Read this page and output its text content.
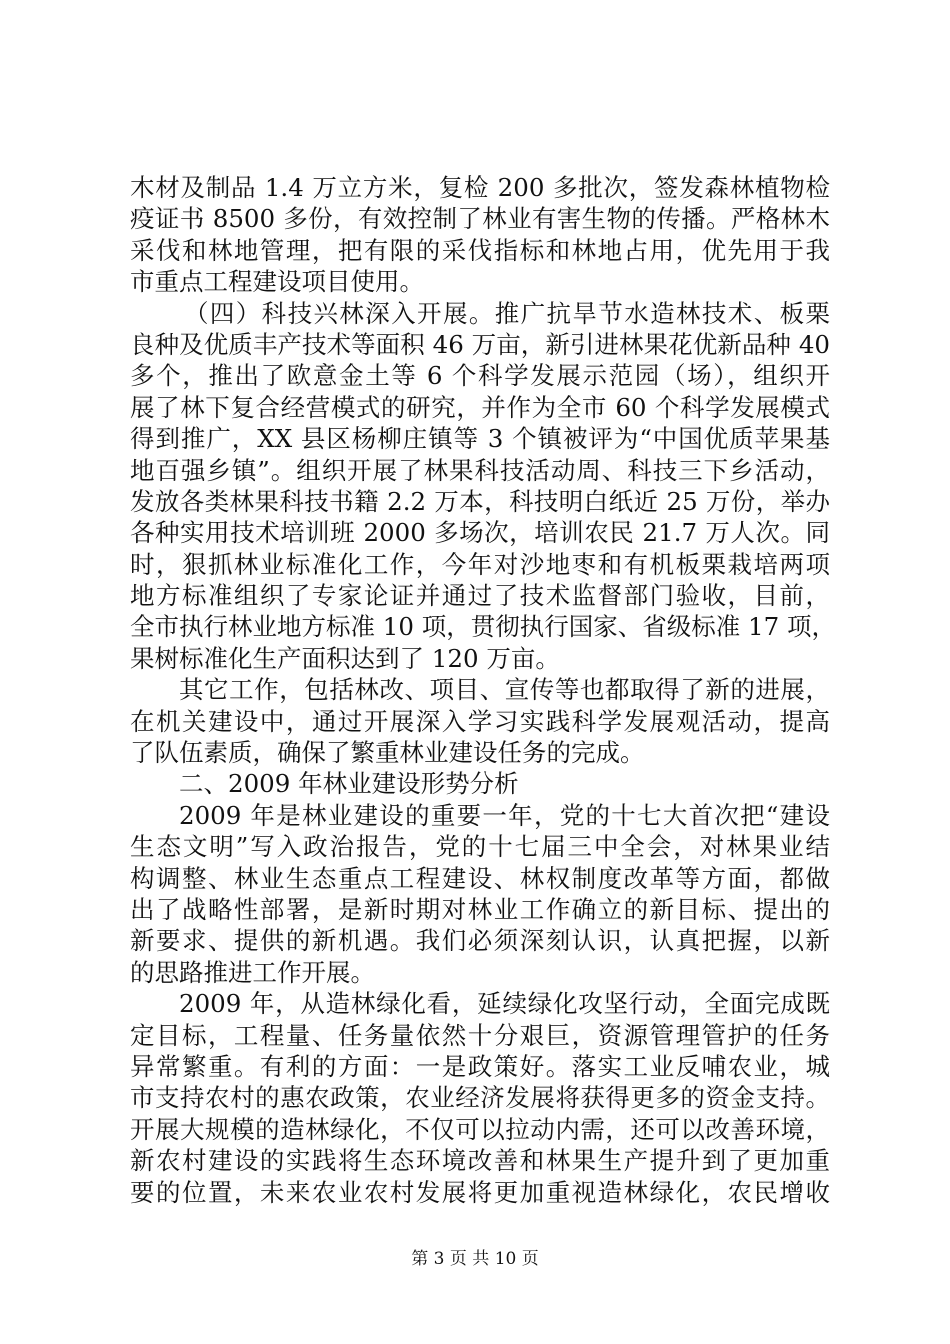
木材及制品 1.4 万立方米，复检 200 多批次，签发森林植物检
疫证书 8500 多份，有效控制了林业有害生物的传播。严格林木
采伐和林地管理，把有限的采伐指标和林地占用，优先用于我
市重点工程建设项目使用。
（四）科技兴林深入开展。推广抗旱节水造林技术、板栗
良种及优质丰产技术等面积 46 万亩，新引进林果花优新品种 40
多个，推出了欧意金土等 6 个科学发展示范园（场），组织开
展了林下复合经营模式的研究，并作为全市 60 个科学发展模式
得到推广，XX 县区杨柳庄镇等 3 个镇被评为“中国优质苹果基
地百强乡镇”。组织开展了林果科技活动周、科技三下乡活动，
发放各类林果科技书籍 2.2 万本，科技明白纸近 25 万份，举办
各种实用技术培训班 2000 多场次，培训农民 21.7 万人次。同
时，狠抓林业标准化工作，今年对沙地枣和有机板栗栽培两项
地方标准组织了专家论证并通过了技术监督部门验收，目前，
全市执行林业地方标准 10 项，贯彻执行国家、省级标准 17 项，
果树标准化生产面积达到了 120 万亩。
其它工作，包括林改、项目、宣传等也都取得了新的进展，
在机关建设中，通过开展深入学习实践科学发展观活动，提高
了队伍素质，确保了繁重林业建设任务的完成。
二、2009 年林业建设形势分析
2009 年是林业建设的重要一年，党的十七大首次把“建设
生态文明”写入政治报告，党的十七届三中全会，对林果业结
构调整、林业生态重点工程建设、林权制度改革等方面，都做
出了战略性部署，是新时期对林业工作确立的新目标、提出的
新要求、提供的新机遇。我们必须深刻认识，认真把握，以新
的思路推进工作开展。
2009 年，从造林绿化看，延续绿化攻坚行动，全面完成既
定目标，工程量、任务量依然十分艰巨，资源管理管护的任务
异常繁重。有利的方面：一是政策好。落实工业反哺农业，城
市支持农村的惠农政策，农业经济发展将获得更多的资金支持。
开展大规模的造林绿化，不仅可以拉动内需，还可以改善环境，
新农村建设的实践将生态环境改善和林果生产提升到了更加重
要的位置，未来农业农村发展将更加重视造林绿化，农民增收
第 3 页 共 10 页
